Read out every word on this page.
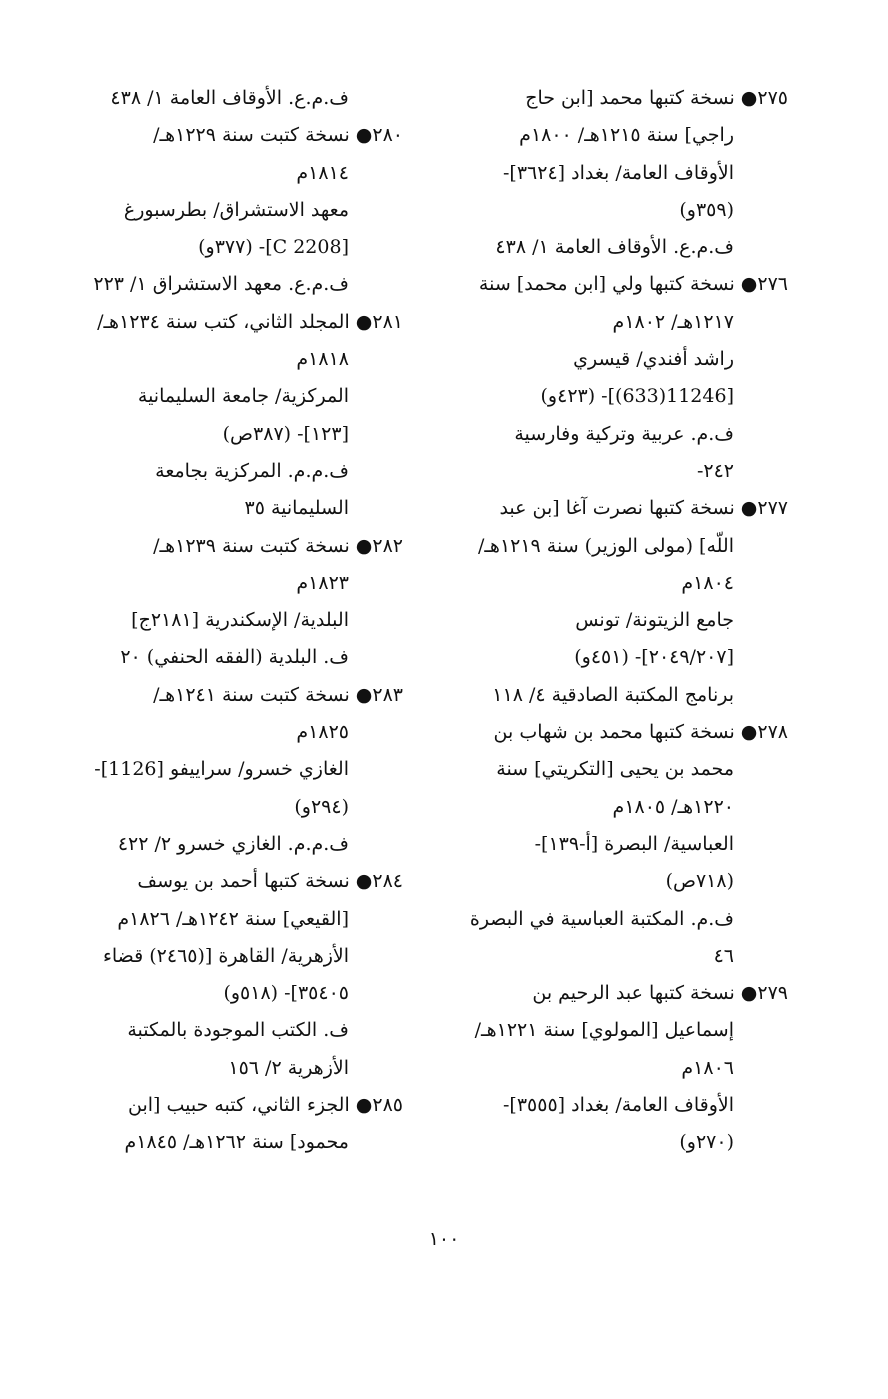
٢٧٥● نسخة كتبها محمد [ابن حاج
راجي] سنة ١٢١٥هـ/ ١٨٠٠م
الأوقاف العامة/ بغداد [٣٦٢٤]-
(٣٥٩و)
ف.م.ع. الأوقاف العامة ١/ ٤٣٨
٢٧٦● نسخة كتبها ولي [ابن محمد] سنة
١٢١٧هـ/ ١٨٠٢م
راشد أفندي/ قيسري
[11246(633)]- (٤٢٣و)
ف.م. عربية وتركية وفارسية
٢٤٢-
٢٧٧● نسخة كتبها نصرت آغا [بن عبد
اللّه] (مولى الوزير) سنة ١٢١٩هـ/
١٨٠٤م
جامع الزيتونة/ تونس
[٢٠٤٩/٢٠٧]- (٤٥١و)
برنامج المكتبة الصادقية ٤/ ١١٨
٢٧٨● نسخة كتبها محمد بن شهاب بن
محمد بن يحيى [التكريتي] سنة
١٢٢٠هـ/ ١٨٠٥م
العباسية/ البصرة [أ-١٣٩]-
(٧١٨ص)
ف.م. المكتبة العباسية في البصرة
٤٦
٢٧٩● نسخة كتبها عبد الرحيم بن
إسماعيل [المولوي] سنة ١٢٢١هـ/
١٨٠٦م
الأوقاف العامة/ بغداد [٣٥٥٥]-
(٢٧٠و)
ف.م.ع. الأوقاف العامة ١/ ٤٣٨
٢٨٠● نسخة كتبت سنة ١٢٢٩هـ/
١٨١٤م
معهد الاستشراق/ بطرسبورغ
[C 2208]- (٣٧٧و)
ف.م.ع. معهد الاستشراق ١/ ٢٢٣
٢٨١● المجلد الثاني، كتب سنة ١٢٣٤هـ/
١٨١٨م
المركزية/ جامعة السليمانية
[١٢٣]- (٣٨٧ص)
ف.م.م. المركزية بجامعة
السليمانية ٣٥
٢٨٢● نسخة كتبت سنة ١٢٣٩هـ/
١٨٢٣م
البلدية/ الإسكندرية [٢١٨١ج]
ف. البلدية (الفقه الحنفي) ٢٠
٢٨٣● نسخة كتبت سنة ١٢٤١هـ/
١٨٢٥م
الغازي خسرو/ سراييفو [1126]-
(٢٩٤و)
ف.م.م. الغازي خسرو ٢/ ٤٢٢
٢٨٤● نسخة كتبها أحمد بن يوسف
[القيعي] سنة ١٢٤٢هـ/ ١٨٢٦م
الأزهرية/ القاهرة [(٢٤٦٥) قضاء
٣٥٤٠٥]- (٥١٨و)
ف. الكتب الموجودة بالمكتبة
الأزهرية ٢/ ١٥٦
٢٨٥● الجزء الثاني، كتبه حبيب [ابن
محمود] سنة ١٢٦٢هـ/ ١٨٤٥م
١٠٠
